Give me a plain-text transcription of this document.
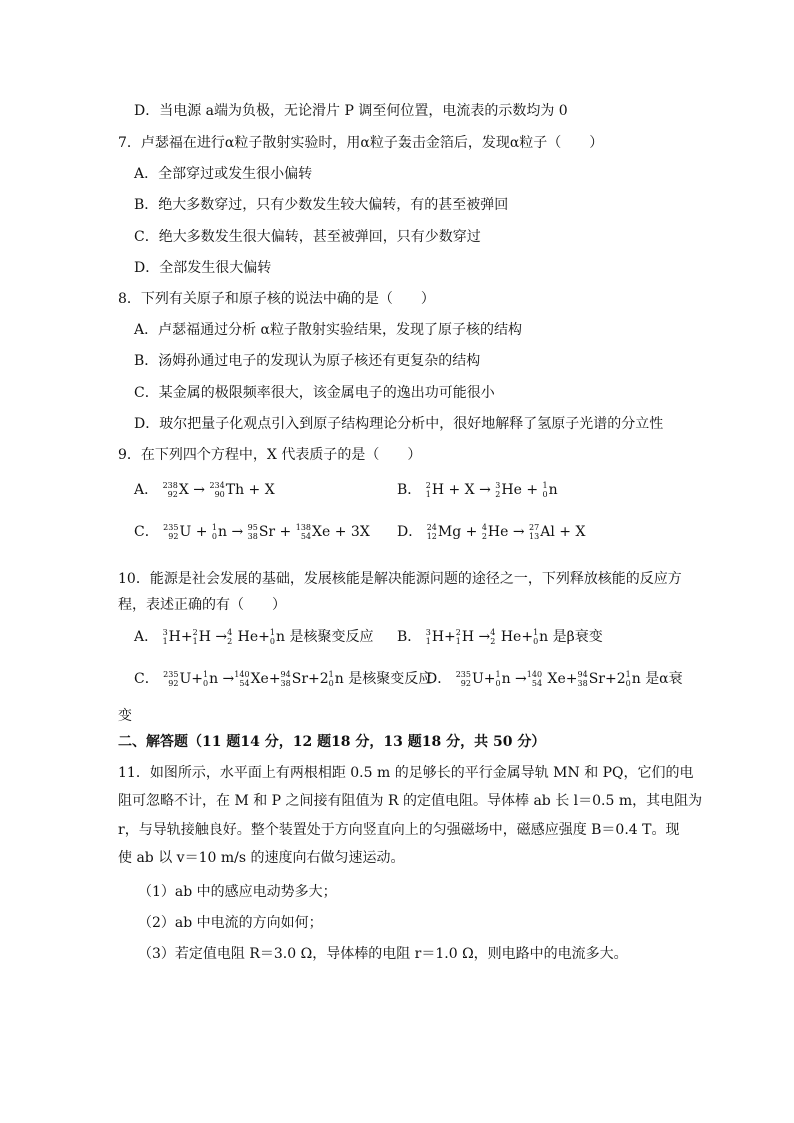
D．当电源 a端为负极，无论滑片 P 调至何位置，电流表的示数均为 0
7．卢瑟福在进行α粒子散射实验时，用α粒子轰击金箔后，发现α粒子（　　）
A．全部穿过或发生很小偏转
B．绝大多数穿过，只有少数发生较大偏转，有的甚至被弹回
C．绝大多数发生很大偏转，甚至被弹回，只有少数穿过
D．全部发生很大偏转
8．下列有关原子和原子核的说法中确的是（　　）
A．卢瑟福通过分析 α粒子散射实验结果，发现了原子核的结构
B．汤姆孙通过电子的发现认为原子核还有更复杂的结构
C．某金属的极限频率很大，该金属电子的逸出功可能很小
D．玻尔把量子化观点引入到原子结构理论分析中，很好地解释了氢原子光谱的分立性
9．在下列四个方程中，X 代表质子的是（　　）
A． 238
92 X → 234
90 Th + X	B． 2
1 H + X → 3
2 He + 1
0 n
C． 235
92 U + 1
0 n → 95
38 Sr + 138
54 Xe + 3X D． 24
12 Mg + 4
2 He → 27
13 Al + X
10．能源是社会发展的基础，发展核能是解决能源问题的途径之一，下列释放核能的反应方
程，表述正确的有（　　）
A． 3
1 H+ 2
1 H → 4
2 He+ 1
0 n 是核聚变反应 B． 3
1 H+ 2
1 H → 4
2 He+ 1
0 n 是β衰变
C． 235
92 U+ 1
0 n → 140
54 Xe+ 94
38 Sr+2 1
0 n 是核聚变反应
D． 235
92 U+ 1
0 n → 140
54 Xe+ 94
38 Sr+2 1
0 n 是α衰
变
二、解答题（11 题14 分，12 题18 分，13 题18 分，共 50 分）
11．如图所示，水平面上有两根相距 0.5 m 的足够长的平行金属导轨 MN 和 PQ，它们的电
阻可忽略不计，在 M 和 P 之间接有阻值为 R 的定值电阻。导体棒 ab 长 l＝0.5 m，其电阻为
r，与导轨接触良好。整个装置处于方向竖直向上的匀强磁场中，磁感应强度 B＝0.4 T。现
使 ab 以 v＝10 m/s 的速度向右做匀速运动。
（1）ab 中的感应电动势多大；
（2）ab 中电流的方向如何；
（3）若定值电阻 R＝3.0 Ω，导体棒的电阻 r＝1.0 Ω，则电路中的电流多大。
